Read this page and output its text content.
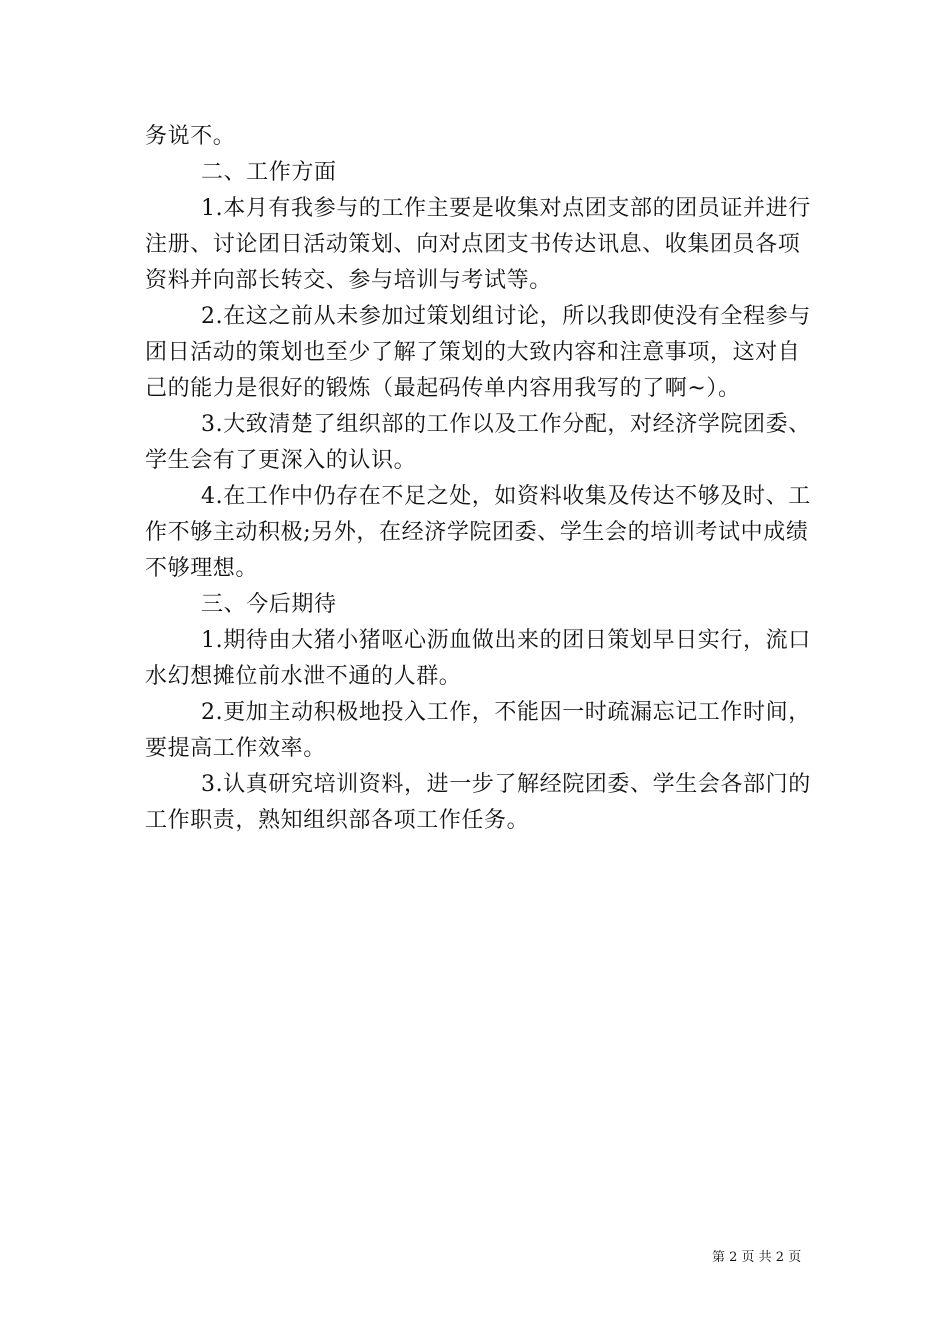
务说不。
二、工作方面
1.本月有我参与的工作主要是收集对点团支部的团员证并进行
注册、讨论团日活动策划、向对点团支书传达讯息、收集团员各项
资料并向部长转交、参与培训与考试等。
2.在这之前从未参加过策划组讨论，所以我即使没有全程参与
团日活动的策划也至少了解了策划的大致内容和注意事项，这对自
己的能力是很好的锻炼（最起码传单内容用我写的了啊~）。
3.大致清楚了组织部的工作以及工作分配，对经济学院团委、
学生会有了更深入的认识。
4.在工作中仍存在不足之处，如资料收集及传达不够及时、工
作不够主动积极;另外，在经济学院团委、学生会的培训考试中成绩
不够理想。
三、今后期待
1.期待由大猪小猪呕心沥血做出来的团日策划早日实行，流口
水幻想摊位前水泄不通的人群。
2.更加主动积极地投入工作，不能因一时疏漏忘记工作时间，
要提高工作效率。
3.认真研究培训资料，进一步了解经院团委、学生会各部门的
工作职责，熟知组织部各项工作任务。
第 2 页 共 2 页
